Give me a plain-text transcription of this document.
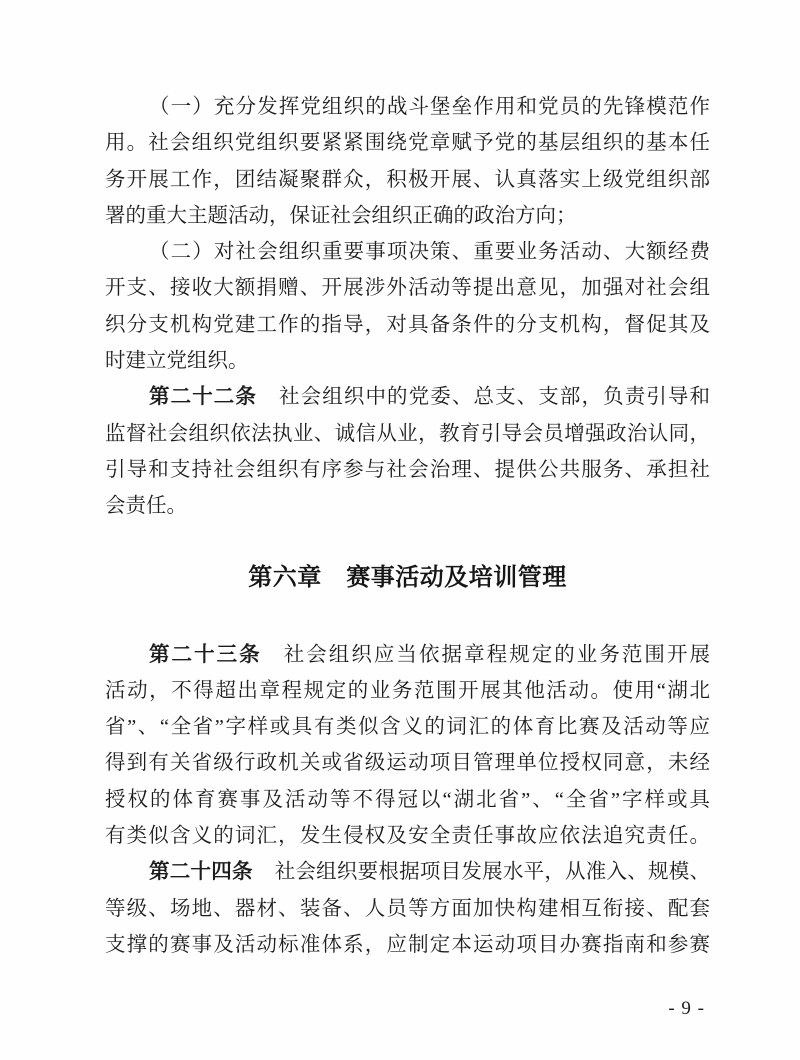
（一）充分发挥党组织的战斗堡垒作用和党员的先锋模范作
用。社会组织党组织要紧紧围绕党章赋予党的基层组织的基本任
务开展工作，团结凝聚群众，积极开展、认真落实上级党组织部
署的重大主题活动，保证社会组织正确的政治方向；
（二）对社会组织重要事项决策、重要业务活动、大额经费
开支、接收大额捐赠、开展涉外活动等提出意见，加强对社会组
织分支机构党建工作的指导，对具备条件的分支机构，督促其及
时建立党组织。
第二十二条 社会组织中的党委、总支、支部，负责引导和
监督社会组织依法执业、诚信从业，教育引导会员增强政治认同，
引导和支持社会组织有序参与社会治理、提供公共服务、承担社
会责任。
第六章　赛事活动及培训管理
第二十三条 社会组织应当依据章程规定的业务范围开展
活动，不得超出章程规定的业务范围开展其他活动。使用“湖北
省”、“全省”字样或具有类似含义的词汇的体育比赛及活动等应
得到有关省级行政机关或省级运动项目管理单位授权同意，未经
授权的体育赛事及活动等不得冠以“湖北省”、“全省”字样或具
有类似含义的词汇，发生侵权及安全责任事故应依法追究责任。
第二十四条 社会组织要根据项目发展水平，从准入、规模、
等级、场地、器材、装备、人员等方面加快构建相互衔接、配套
支撑的赛事及活动标准体系，应制定本运动项目办赛指南和参赛
- 9 -
